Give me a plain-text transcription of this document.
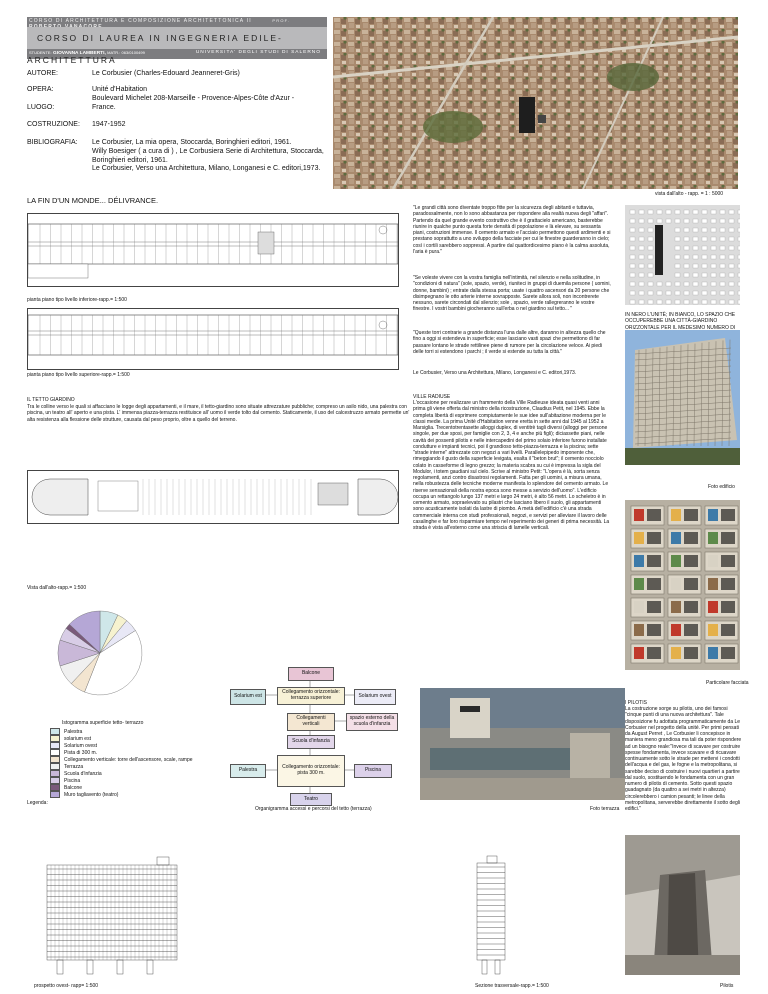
CORSO DI ARCHITETTURA E COMPOSIZIONE ARCHITETTONICA II	PROF.
CORSO DI LAUREA IN INGEGNERIA EDILE-ARCHITETTURA
STUDENTE: GIOVANNA LAMBERTI, MATR.: 063/0100499	UNIVERSITA' DEGLI STUDI DI SALERNO
AUTORE:	Le Corbusier (Charles-Edouard Jeanneret-Gris)
OPERA:	Unité d'Habitation
LUOGO:
Boulevard Michelet 208-Marseille - Provence-Alpes-Côte d'Azur - France.
COSTRUZIONE: 1947-1952
BIBLIOGRAFIA: Le Corbusier, La mia opera, Stoccarda, Boringhieri editori, 1961.
Willy Boesiger ( a cura di ) , Le Corbusiera Serie di Architettura, Stoccarda, Boringhieri editori, 1961.
Le Corbusier, Verso una Architettura, Milano, Longanesi e C. editori,1973.
vista dall'alto - rapp. = 1 : 5000
LA FIN D'UN MONDE... DÉLIVRANCE.
pianta piano tipo livello inferiore-rapp.= 1:500
pianta piano tipo livello superiore-rapp.= 1:500
IL TETTO GIARDINO
Tra le colline verso le quali si affacciano le logge degli appartamenti, e il mare, il tetto-giardino sono situate attrezzature pubbliche; compreso un asilo nido, una palestra con piscina, un teatro all' aperto e una pista. L' immensa piazza-terrazza restituisce all' uomo il verde tolto dal cemento. Staticamente, il uso del calcestruzzo armato permette un' alta resistenza alla flessione delle strutture, causata dal peso proprio, oltre a quello del terreno.
Vista dall'alto-rapp.= 1:500
Istogramma superficie tetto- terrazzo
Palestra
solarium est
Solarium ovest
Pista di 300 m.
Collegamento verticale: torre dell'ascensore, scale, rampe
Terrazza
Scuola d'infanzia
Piscina
Balcone
Muro tagliavento (teatro)
Legenda:
Balcone
Solarium est
Collegamento orizzontale: terrazza superiore	Solarium ovest
Collegamenti verticali
spazio esterno della scuola d'infanzia
Scuola d'infanzia
Palestra	Collegamento orizzontale: pista 300 m.	Piscina
Teatro
Organigramma accessi e percorsi del tetto (terrazza)
prospetto ovest- rapp= 1:500	Sezione trasversale-rapp.= 1:500
"Le grandi città sono diventate troppo fitte per la sicurezza degli abitanti e tuttavia, paradossalmente, non lo sono abbastanza per rispondere alla realtà nuova degli "affari". Partendo da quel grande evento costruttivo che è il grattacielo americano, basterebbe riunire in qualche punto questa forte densità di popolazione e là elevare, su sessanta piani, costruzioni immense. Il cemento armato e l'acciaio permettono questi ardimenti e si prestano soprattutto a uno sviluppo della facciate per cui le finestre guarderanno in cielo; così i cortili sarebbero soppressi. A partire dal quattordicesimo piano è la calma assoluta, l'aria è pura."
"Se voleste vivere con la vostra famiglia nell'intimità, nel silenzio e nella solitudine, in "condizioni di natura" (sole, spazio, verde), riuniteci in gruppi di duemila persone ( uomini, donne, bambini) ; entrate dalla stessa porta; usate i quattro ascensori da 20 persone che disimpegnano le otto arterie interne sovrapposte. Sarete allora soli, non incontrerete nessuno, sarete circondati dal silenzio; sole , spazio, verde rallegreranno le vostre finestre. I vostri bambini giocheranno sull'erba o nel giardino sul tetto... "
"Queste torri contrarie a grande distanza l'una dalle altre, daranno in altezza quello che fino a oggi si estendeva in superficie; esse lasciano vasti spazi che permettono di far passare lontano le strade rettilinee piene di rumore per la circolazione veloce. Ai piedi delle torri si estendono i parchi ; il verde si estende su tutta la città."
Le Corbusier, Verso una Architettura, Milano, Longanesi e C. editori,1973.
VILLE RADIUSE
L'occasione per realizzare un frammento della Ville Radieuse ideata quasi venti anni prima gli viene offerta dal ministro della ricostruzione, Claudius Petit, nel 1945. Ebbe la completa libertà di esprimere compiutamente le sue idee sull'abitazione moderna per le classi medie. La prima Unité d'Habitation venne eretta in sette anni dal 1945 al 1952 a Marsiglia. Trecentotrentasette alloggi duplex, di ventitrè tagli diversi (alloggi per persone singole, per due sposi, per famiglie con 2, 3, 4 e anche più figli); diciassette piani, nelle cavità dei possenti pilotis e nelle intercapedini del primo solaio inferiore furono installate condutture e impianti tecnici, poi il grandioso tetto-piazza-terrazza e la piscina; sette "strade interne" attrezzate con negozi a vari livelli. Parallelepipedo imponente che, rimeggiando il gusto della superficie levigata, esalta il "beton brut"; il cemento nocciolo colato in casseforme di legno grezzo; la materia scabra su cui è impressa la sigla del Modulor, i totem gaudiani sul cielo. Scrive al ministro Petit: "L'opera è là, sorta senza regolamenti, anzi contro disastrosi regolamenti. Fatta per gli uomini, a misura umana, nella robustezza delle tecniche moderne manifesta lo splendore del cemento armato. Le riserve sensazionali della nostra epoca sono messe a servizio dell'uomo". L'edificio occupa un rettangolo lungo 137 metri e largo 24 metri, è alto 56 metri. Lo scheletro è in cemento armato, sopraelevato su pilastri che lasciano libero il suolo, gli appartamenti sono acusticamente isolati da lastre di piombo. A metà dell'edificio c'è una strada commerciale interna con studi professionali, negozi, e servizi per alleviare il lavoro delle casalinghe e far loro risparmiare tempo nel reperimento dei generi di prima necessità. La strada è vista all'esterno come una striscia di lamelle verticali.
Foto terrazza
IN NERO L'UNITÈ; IN BIANCO, LO SPAZIO CHE OCCUPEREBBE UNA CITTÀ-GIARDINO ORIZZONTALE PER IL MEDESIMO NUMERO DI
Foto edificio
Particolare facciata
I PILOTIS
La costruzione sorge su pilotis, uno dei famosi "cinque punti di una nuova architettura". Tale disposizione fu adottata programmaticamente da Le Corbusier nel progetto della unité. Per primi pensati da August Perret , Le Corbusier li concepisce in maniera meno grandiosa ma tali da poter rispondere ad un bisogno reale:"Invece di scavare per costruire spesse fondamenta, invece scavare e di ricuavare continuamente sotto le strade per mettervi i condotti dell'acqua e del gas, le fogne e la metropolitana, si sarebbe deciso di costruire i nuovi quartieri a partire dal suolo, sostituendo le fondamenta con un gran numero di pilotis di cemento. Sotto questi spazio guadagnato (da quattro a sei metri in altezza) circolerebbero i camion pesanti; le linee della metropolitana, serverebbe direttamente il sotto degli edifici."
Pilotis
